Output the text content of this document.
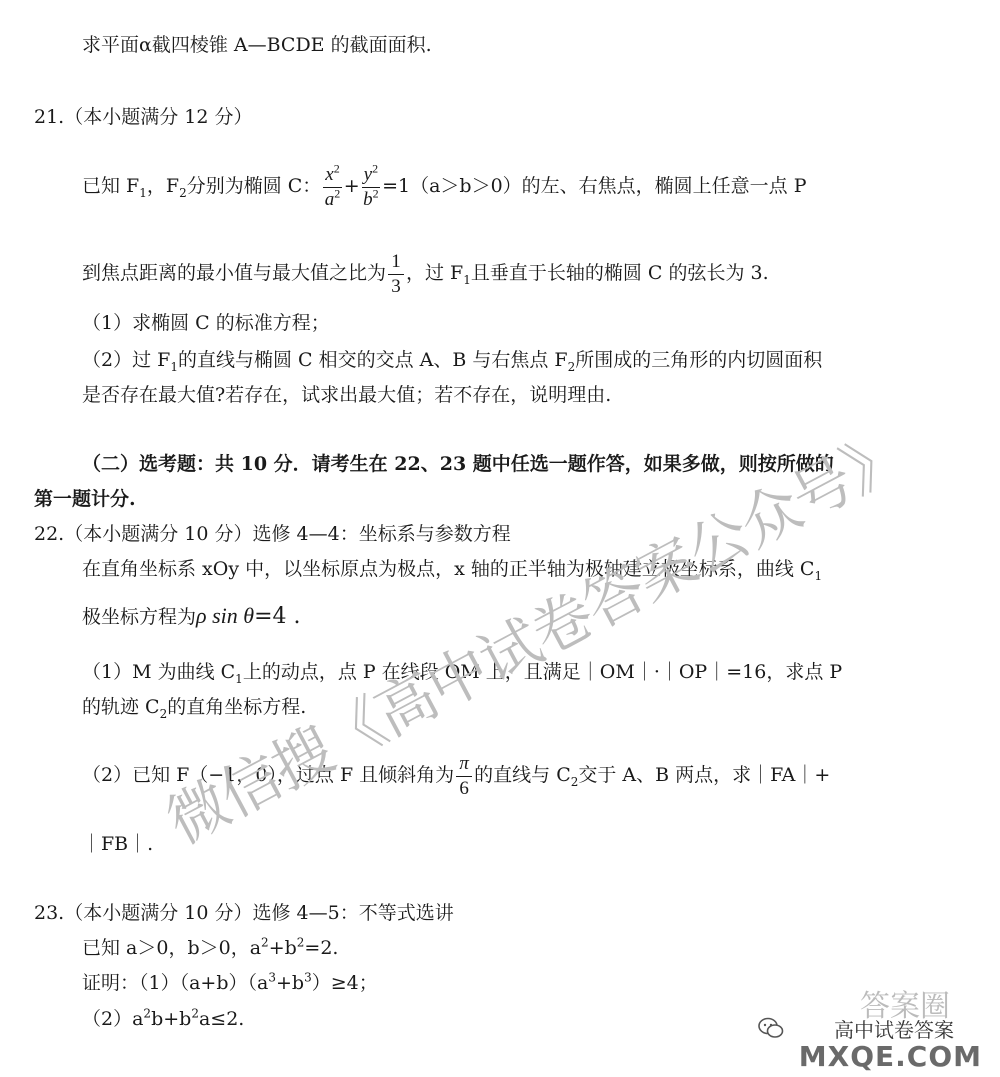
求平面α截四棱锥 A—BCDE 的截面面积.
21.（本小题满分 12 分）
已知 $F_1$，$F_2$分别为椭圆 C： $\frac{x^2}{a^2} + \frac{y^2}{b^2} =1(a>b>0)$的左、右焦点，椭圆上任意一点 P
到焦点距离的最小值与最大值之比为 $\frac{1}{3}$ ，过 $F_1$且垂直于长轴的椭圆 C 的弦长为 3.
（1）求椭圆 C 的标准方程；
（2）过 $F_1$的直线与椭圆 C 相交的交点 A、B 与右焦点 $F_2$所围成的三角形的内切圆面积
是否存在最大值?若存在，试求出最大值；若不存在，说明理由.
（二）选考题：共 10 分．请考生在 22、23 题中任选一题作答，如果多做，则按所做的
第一题计分.
22.（本小题满分 10 分）选修 4—4：坐标系与参数方程
在直角坐标系 xOy 中，以坐标原点为极点，x 轴的正半轴为极轴建立极坐标系，曲线 $C_1$
极坐标方程为ρ sin θ=4 .
（1）M 为曲线 $C_1$上的动点，点 P 在线段 OM 上，且满足｜OM｜·｜OP｜=16，求点 P
的轨迹 $C_2$的直角坐标方程.
（2）已知 F（−1，0），过点 F 且倾斜角为 $\frac{\pi}{6}$ 的直线与 $C_2$交于 A、B 两点，求｜FA｜+
｜FB｜.
23.（本小题满分 10 分）选修 4—5：不等式选讲
已知 a＞0，b＞0，$a^2+b^2=2$.
证明：$(1)(a+b)(a^3+b^3)\ge 4$；
$(2)a^2b+b^2a\le 2$.
微
信
搜
《
高
中
试
卷
答
案
公
众
号
》
答案圈
高中试卷答案
MXQE.COM
